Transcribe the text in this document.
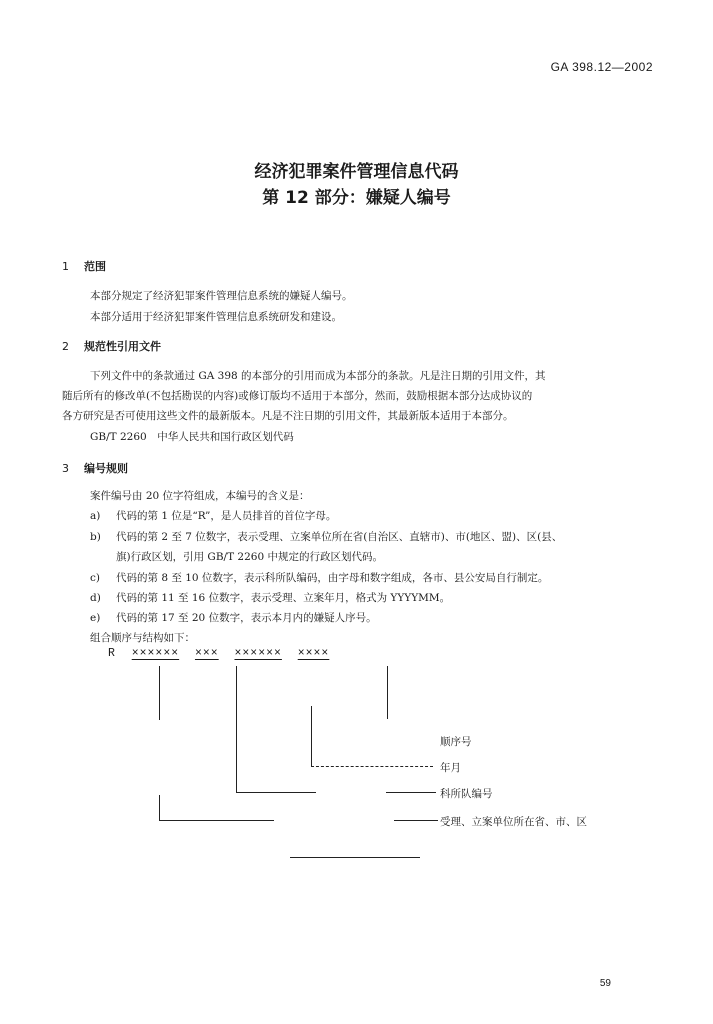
GA 398.12—2002
经济犯罪案件管理信息代码
第 12 部分：嫌疑人编号
1 范围
本部分规定了经济犯罪案件管理信息系统的嫌疑人编号。
本部分适用于经济犯罪案件管理信息系统研发和建设。
2 规范性引用文件
下列文件中的条款通过 GA 398 的本部分的引用而成为本部分的条款。凡是注日期的引用文件，其
随后所有的修改单(不包括勘误的内容)或修订版均不适用于本部分，然而，鼓励根据本部分达成协议的
各方研究是否可使用这些文件的最新版本。凡是不注日期的引用文件，其最新版本适用于本部分。
GB/T 2260　中华人民共和国行政区划代码
3 编号规则
案件编号由 20 位字符组成，本编号的含义是：
a) 代码的第 1 位是“R”，是人员排首的首位字母。
b) 代码的第 2 至 7 位数字，表示受理、立案单位所在省(自治区、直辖市)、市(地区、盟)、区(县、
旗)行政区划，引用 GB/T 2260 中规定的行政区划代码。
c) 代码的第 8 至 10 位数字，表示科所队编码，由字母和数字组成，各市、县公安局自行制定。
d) 代码的第 11 至 16 位数字，表示受理、立案年月，格式为 YYYYMM。
e) 代码的第 17 至 20 位数字，表示本月内的嫌疑人序号。
组合顺序与结构如下：
R ×××××× ××× ×××××× ××××
顺序号
年月
科所队编号
受理、立案单位所在省、市、区
59
